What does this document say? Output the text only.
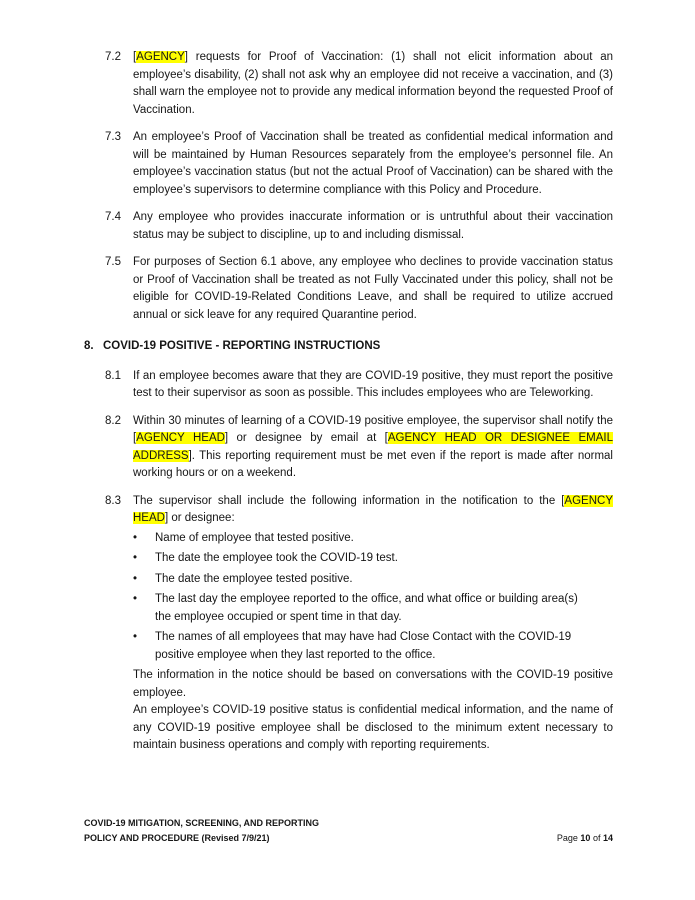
7.2	[AGENCY] requests for Proof of Vaccination: (1) shall not elicit information about an employee’s disability, (2) shall not ask why an employee did not receive a vaccination, and (3) shall warn the employee not to provide any medical information beyond the requested Proof of Vaccination.

7.3	An employee’s Proof of Vaccination shall be treated as confidential medical information and will be maintained by Human Resources separately from the employee’s personnel file. An employee’s vaccination status (but not the actual Proof of Vaccination) can be shared with the employee’s supervisors to determine compliance with this Policy and Procedure.

7.4	Any employee who provides inaccurate information or is untruthful about their vaccination status may be subject to discipline, up to and including dismissal.

7.5	For purposes of Section 6.1 above, any employee who declines to provide vaccination status or Proof of Vaccination shall be treated as not Fully Vaccinated under this policy, shall not be eligible for COVID-19-Related Conditions Leave, and shall be required to utilize accrued annual or sick leave for any required Quarantine period.

8. COVID-19 POSITIVE - REPORTING INSTRUCTIONS
8.1	If an employee becomes aware that they are COVID-19 positive, they must report the positive test to their supervisor as soon as possible. This includes employees who are Teleworking.

8.2	Within 30 minutes of learning of a COVID-19 positive employee, the supervisor shall notify the [AGENCY HEAD] or designee by email at [AGENCY HEAD OR DESIGNEE EMAIL ADDRESS]. This reporting requirement must be met even if the report is made after normal working hours or on a weekend.

8.3	The supervisor shall include the following information in the notification to the [AGENCY HEAD] or designee:

•	Name of employee that tested positive.
•	The date the employee took the COVID-19 test.
•	The date the employee tested positive.
•	The last day the employee reported to the office, and what office or building area(s) the employee occupied or spent time in that day.
•	The names of all employees that may have had Close Contact with the COVID-19 positive employee when they last reported to the office.

The information in the notice should be based on conversations with the COVID-19 positive employee.

An employee’s COVID-19 positive status is confidential medical information, and the name of any COVID-19 positive employee shall be disclosed to the minimum extent necessary to maintain business operations and comply with reporting requirements.

COVID-19 MITIGATION, SCREENING, AND REPORTING
POLICY AND PROCEDURE (Revised 7/9/21)	Page 10 of 14
